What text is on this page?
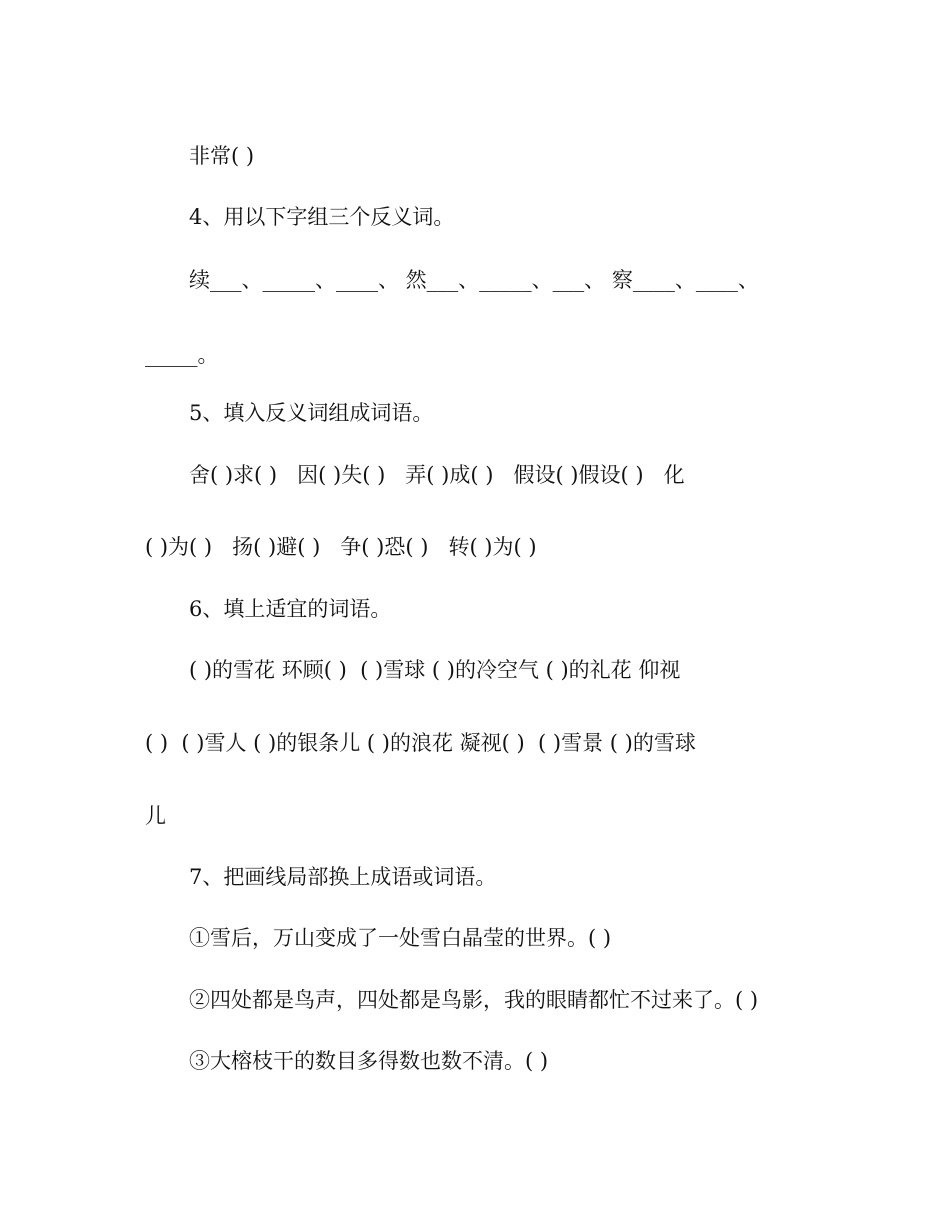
非常( )
4、用以下字组三个反义词。
续___、_____、____、 然___、_____、___、 察____、____、
_____。
5、填入反义词组成词语。
舍( )求( )   因( )失( )   弄( )成( )   假设( )假设( )   化
( )为( )   扬( )避( )   争( )恐( )   转( )为( )
6、填上适宜的词语。
( )的雪花 环顾( )  ( )雪球 ( )的冷空气 ( )的礼花 仰视
( )  ( )雪人 ( )的银条儿 ( )的浪花 凝视( )  ( )雪景 ( )的雪球
儿
7、把画线局部换上成语或词语。
①雪后，万山变成了一处雪白晶莹的世界。( )
②四处都是鸟声，四处都是鸟影，我的眼睛都忙不过来了。( )
③大榕枝干的数目多得数也数不清。( )
